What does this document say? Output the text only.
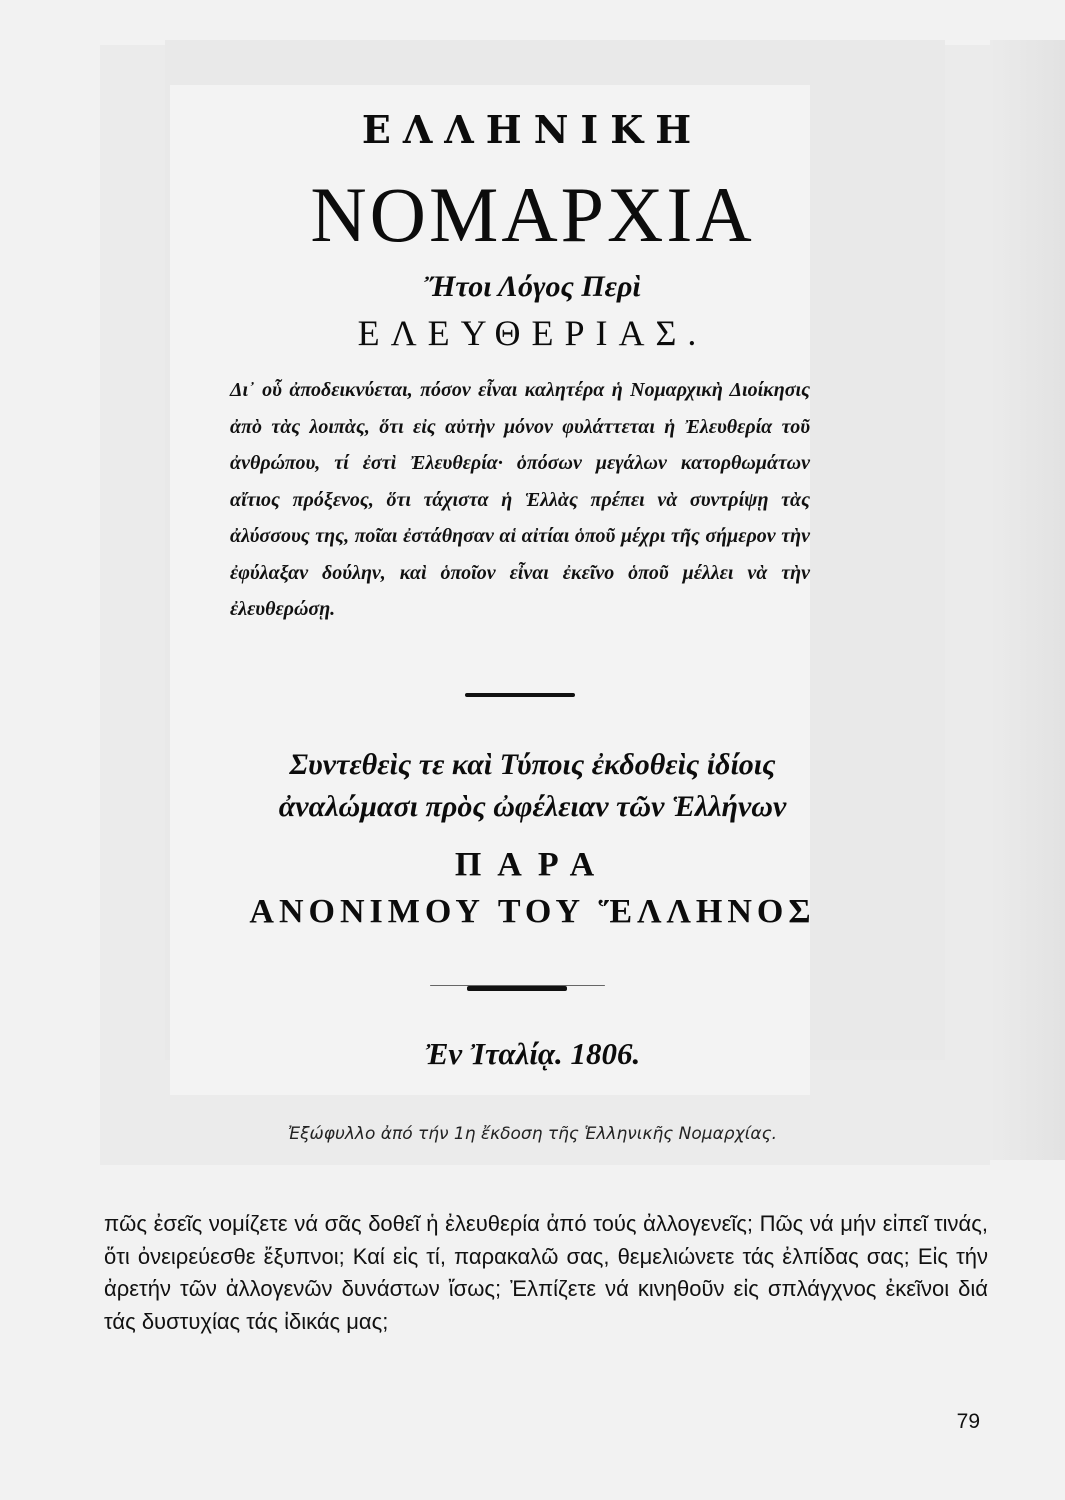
ΕΛΛΗΝΙΚΗ
ΝΟΜΑΡΧΙΑ
Ἤτοι Λόγος Περὶ
ΕΛΕΥΘΕΡΙΑΣ.
Δι᾽ οὗ ἀποδεικνύεται, πόσον εἶναι καλητέρα ἡ Νομαρχικὴ Διοίκησις ἀπὸ τὰς λοιπὰς, ὅτι εἰς αὐτὴν μόνον φυλάττεται ἡ Ἐλευθερία τοῦ ἀνθρώπου, τί ἐστὶ Ἐλευθερία· ὁπόσων μεγάλων κατορθωμάτων αἴτιος πρόξενος, ὅτι τάχιστα ἡ Ἑλλὰς πρέπει νὰ συντρίψῃ τὰς ἀλύσσους της, ποῖαι ἐστάθησαν αἱ αἰτίαι ὁποῦ μέχρι τῆς σήμερον τὴν ἐφύλαξαν δούλην, καὶ ὁποῖον εἶναι ἐκεῖνο ὁποῦ μέλλει νὰ τὴν ἐλευθερώσῃ.
Συντεθεὶς τε καὶ Τύποις ἐκδοθεὶς ἰδίοις
ἀναλώμασι πρὸς ὠφέλειαν τῶν Ἑλλήνων
ΠΑΡΑ
ΑΝΟΝΙΜΟΥ ΤΟΥ ἝΛΛΗΝΟΣ
Ἐν Ἰταλίᾳ. 1806.
Ἐξώφυλλο ἀπό τήν 1η ἔκδοση τῆς Ἑλληνικῆς Νομαρχίας.
πῶς ἐσεῖς νομίζετε νά σᾶς δοθεῖ ἡ ἐλευθερία ἀπό τούς ἀλλογενεῖς; Πῶς νά μήν εἰπεῖ τινάς, ὅτι ὀνειρεύεσθε ἔξυπνοι; Καί εἰς τί, παρακαλῶ σας, θεμελιώνετε τάς ἐλπίδας σας; Εἰς τήν ἀρετήν τῶν ἀλλογενῶν δυνάστων ἴσως; Ἐλπίζετε νά κινηθοῦν εἰς σπλάγχνος ἐκεῖνοι διά τάς δυστυχίας τάς ἰδικάς μας;
79
